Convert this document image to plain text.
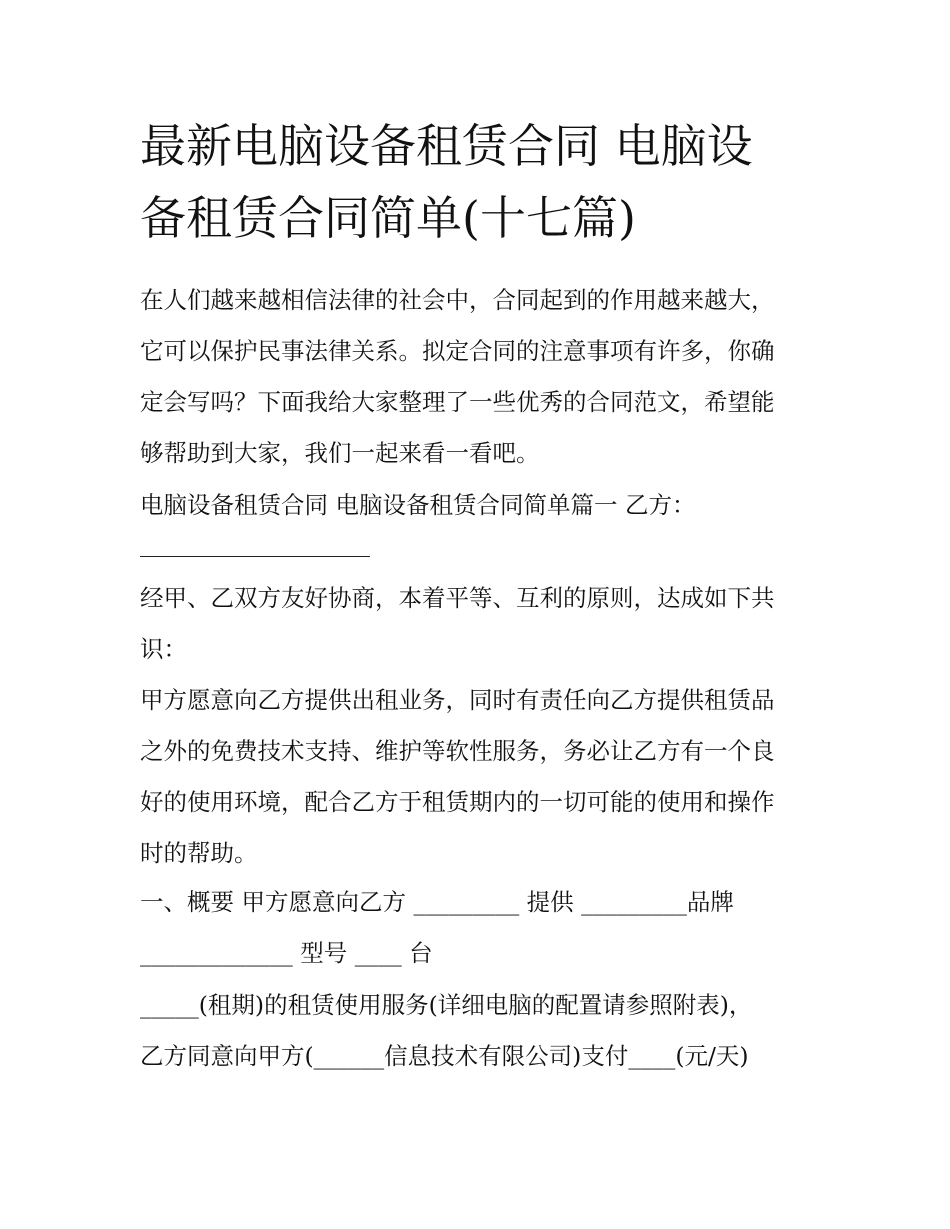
最新电脑设备租赁合同 电脑设
备租赁合同简单(十七篇)
在人们越来越相信法律的社会中，合同起到的作用越来越大，
它可以保护民事法律关系。拟定合同的注意事项有许多，你确
定会写吗？下面我给大家整理了一些优秀的合同范文，希望能
够帮助到大家，我们一起来看一看吧。
电脑设备租赁合同 电脑设备租赁合同简单篇一 乙方：
经甲、乙双方友好协商，本着平等、互利的原则，达成如下共
识：
甲方愿意向乙方提供出租业务，同时有责任向乙方提供租赁品
之外的免费技术支持、维护等软性服务，务必让乙方有一个良
好的使用环境，配合乙方于租赁期内的一切可能的使用和操作
时的帮助。
一、概要 甲方愿意向乙方 _________ 提供 _________品牌
_____________ 型号 ____ 台
_____(租期)的租赁使用服务(详细电脑的配置请参照附表)，
乙方同意向甲方(______信息技术有限公司)支付____(元/天)
